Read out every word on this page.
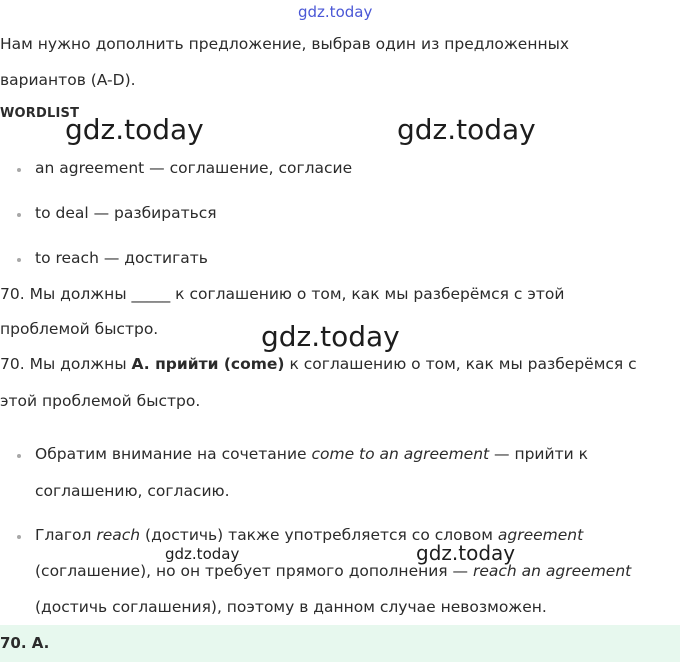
gdz.today
gdz.today	gdz.today
gdz.today
gdz.today	gdz.today
Нам нужно дополнить предложение, выбрав один из предложенных
вариантов (A-D).
WORDLIST
an agreement — соглашение, согласие
to deal — разбираться
to reach — достигать
70. Мы должны _____ к соглашению о том, как мы разберёмся с этой
проблемой быстро.
70. Мы должны A. прийти (come) к соглашению о том, как мы разберёмся с
этой проблемой быстро.
Обратим внимание на сочетание come to an agreement — прийти к
соглашению, согласию.
Глагол reach (достичь) также употребляется со словом agreement
(соглашение), но он требует прямого дополнения — reach an agreement
(достичь соглашения), поэтому в данном случае невозможен.
70. A.
